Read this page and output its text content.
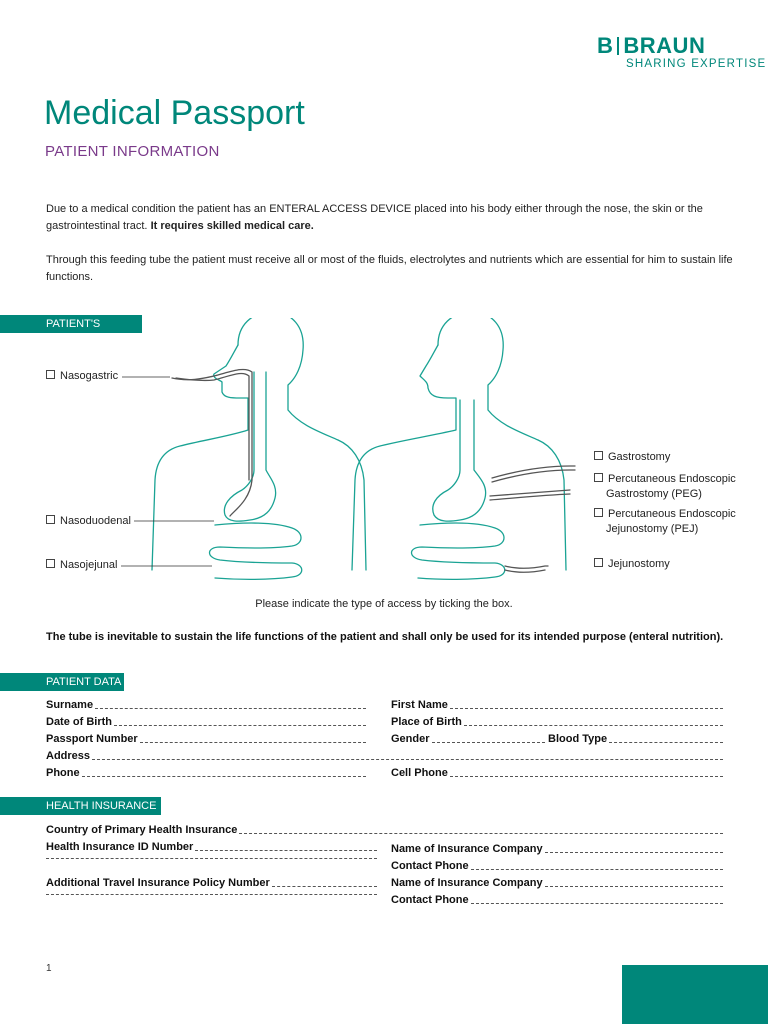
B BRAUN
SHARING EXPERTISE
Medical Passport
PATIENT INFORMATION
Due to a medical condition the patient has an ENTERAL ACCESS DEVICE placed into his body either through the nose, the skin or the gastrointestinal tract. It requires skilled medical care.
Through this feeding tube the patient must receive all or most of the fluids, electrolytes and nutrients which are essential for him to sustain life functions.
PATIENT'S ACCESS
Nasogastric
Nasoduodenal
Nasojejunal
Gastrostomy
Percutaneous Endoscopic
Gastrostomy (PEG)
Percutaneous Endoscopic
Jejunostomy (PEJ)
Jejunostomy
Please indicate the type of access by ticking the box.
The tube is inevitable to sustain the life functions of the patient and shall only be used for its intended purpose (enteral nutrition).
PATIENT DATA
Surname	First Name
Date of Birth	Place of Birth
Passport Number	Gender	Blood Type
Address
Phone	Cell Phone
HEALTH INSURANCE
Country of Primary Health Insurance
Health Insurance ID Number	Name of Insurance Company
Contact Phone
Additional Travel Insurance Policy Number	Name of Insurance Company
Contact Phone
1
